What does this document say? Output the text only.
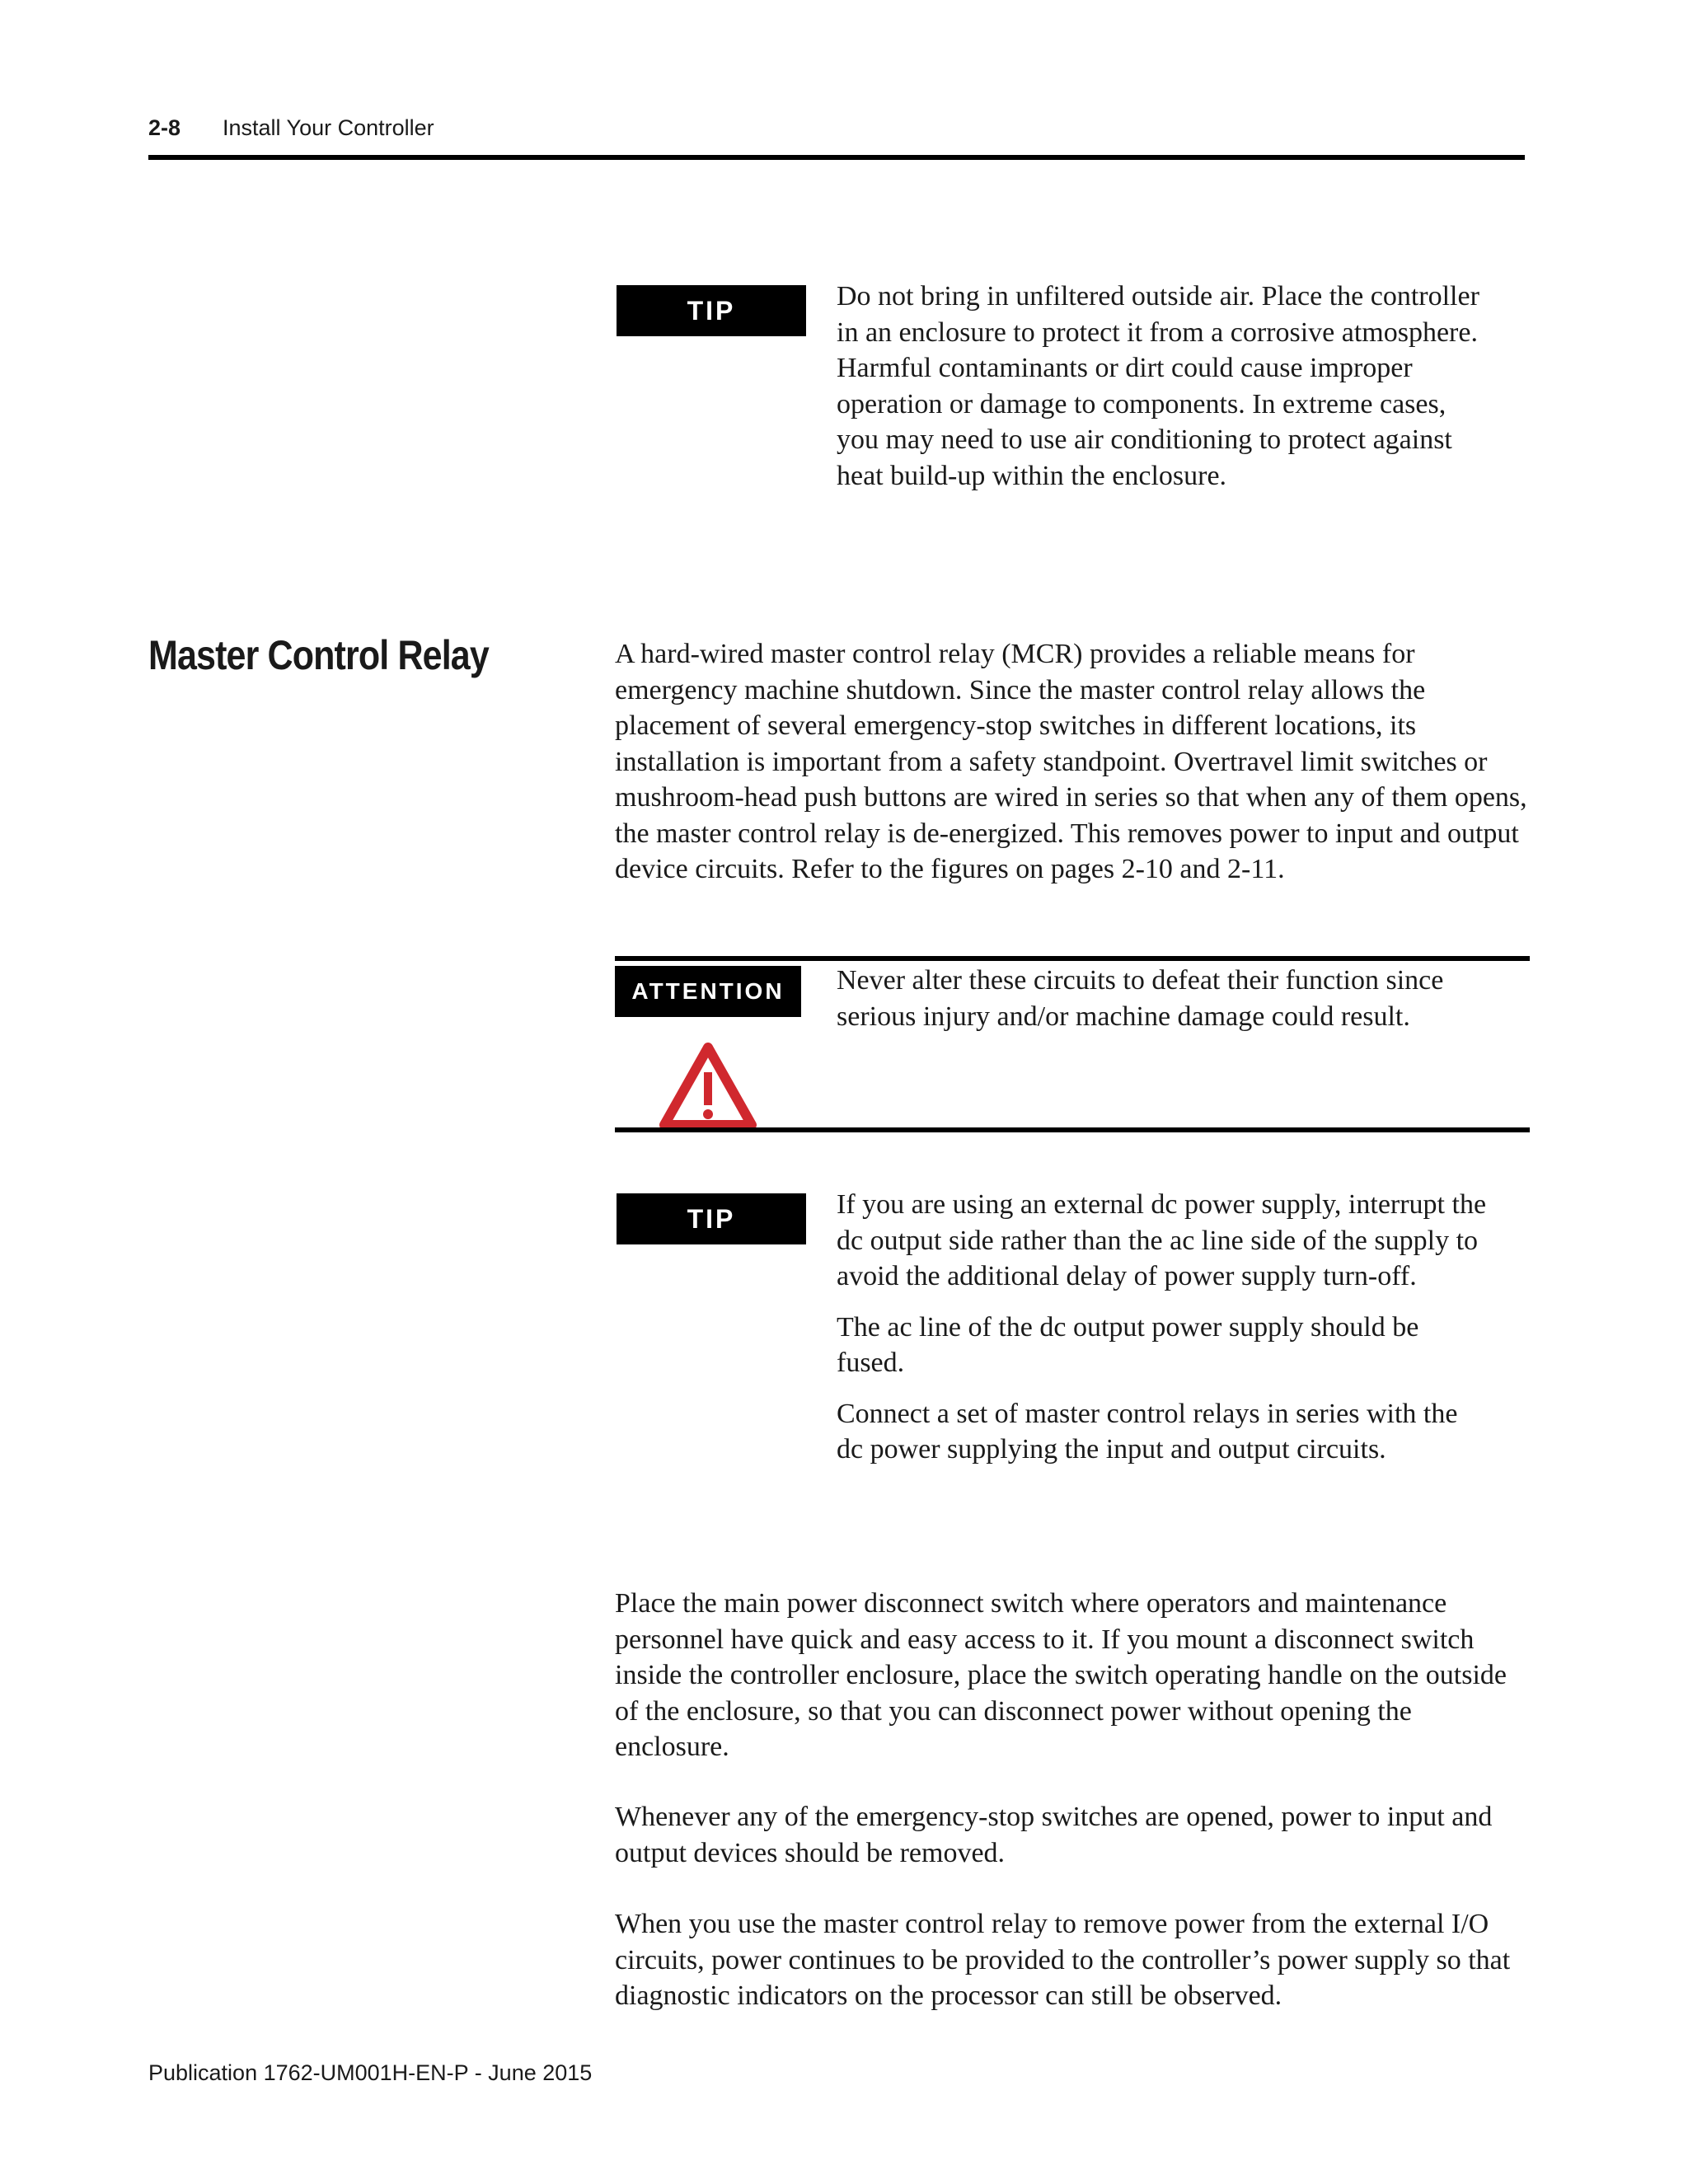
2-8 Install Your Controller
TIP	Do not bring in unfiltered outside air. Place the controller in an enclosure to protect it from a corrosive atmosphere. Harmful contaminants or dirt could cause improper operation or damage to components. In extreme cases, you may need to use air conditioning to protect against heat build-up within the enclosure.
Master Control Relay	A hard-wired master control relay (MCR) provides a reliable means for emergency machine shutdown. Since the master control relay allows the placement of several emergency-stop switches in different locations, its installation is important from a safety standpoint. Overtravel limit switches or mushroom-head push buttons are wired in series so that when any of them opens, the master control relay is de-energized. This removes power to input and output device circuits. Refer to the figures on pages 2-10 and 2-11.
ATTENTION	Never alter these circuits to defeat their function since serious injury and/or machine damage could result.
TIP	If you are using an external dc power supply, interrupt the dc output side rather than the ac line side of the supply to avoid the additional delay of power supply turn-off.

The ac line of the dc output power supply should be fused.

Connect a set of master control relays in series with the dc power supplying the input and output circuits.

Place the main power disconnect switch where operators and maintenance personnel have quick and easy access to it. If you mount a disconnect switch inside the controller enclosure, place the switch operating handle on the outside of the enclosure, so that you can disconnect power without opening the enclosure.
Whenever any of the emergency-stop switches are opened, power to input and output devices should be removed.
When you use the master control relay to remove power from the external I/O circuits, power continues to be provided to the controller’s power supply so that diagnostic indicators on the processor can still be observed.
Publication 1762-UM001H-EN-P - June 2015
